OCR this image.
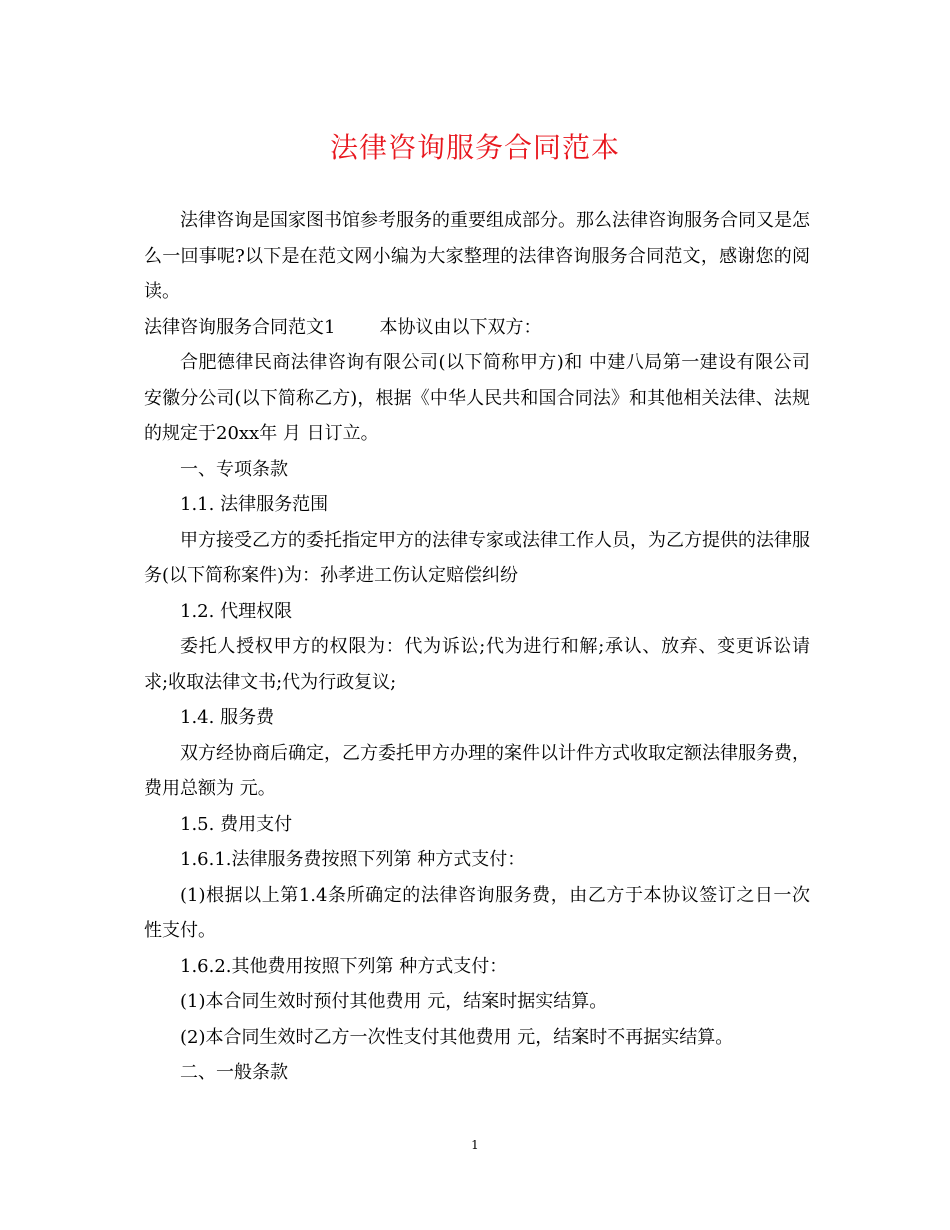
法律咨询服务合同范本

法律咨询是国家图书馆参考服务的重要组成部分。那么法律咨询服务合同又是怎么一回事呢?以下是在范文网小编为大家整理的法律咨询服务合同范文，感谢您的阅读。

法律咨询服务合同范文1 本协议由以下双方：

合肥德律民商法律咨询有限公司(以下简称甲方)和 中建八局第一建设有限公司安徽分公司(以下简称乙方)，根据《中华人民共和国合同法》和其他相关法律、法规的规定于20xx年 月 日订立。

一、专项条款

1.1. 法律服务范围

甲方接受乙方的委托指定甲方的法律专家或法律工作人员，为乙方提供的法律服务(以下简称案件)为：孙孝进工伤认定赔偿纠纷

1.2. 代理权限

委托人授权甲方的权限为：代为诉讼;代为进行和解;承认、放弃、变更诉讼请求;收取法律文书;代为行政复议;

1.4. 服务费

双方经协商后确定，乙方委托甲方办理的案件以计件方式收取定额法律服务费，费用总额为 元。

1.5. 费用支付

1.6.1.法律服务费按照下列第 种方式支付：

(1)根据以上第1.4条所确定的法律咨询服务费，由乙方于本协议签订之日一次性支付。

1.6.2.其他费用按照下列第 种方式支付：

(1)本合同生效时预付其他费用 元，结案时据实结算。

(2)本合同生效时乙方一次性支付其他费用 元，结案时不再据实结算。

二、一般条款

1
